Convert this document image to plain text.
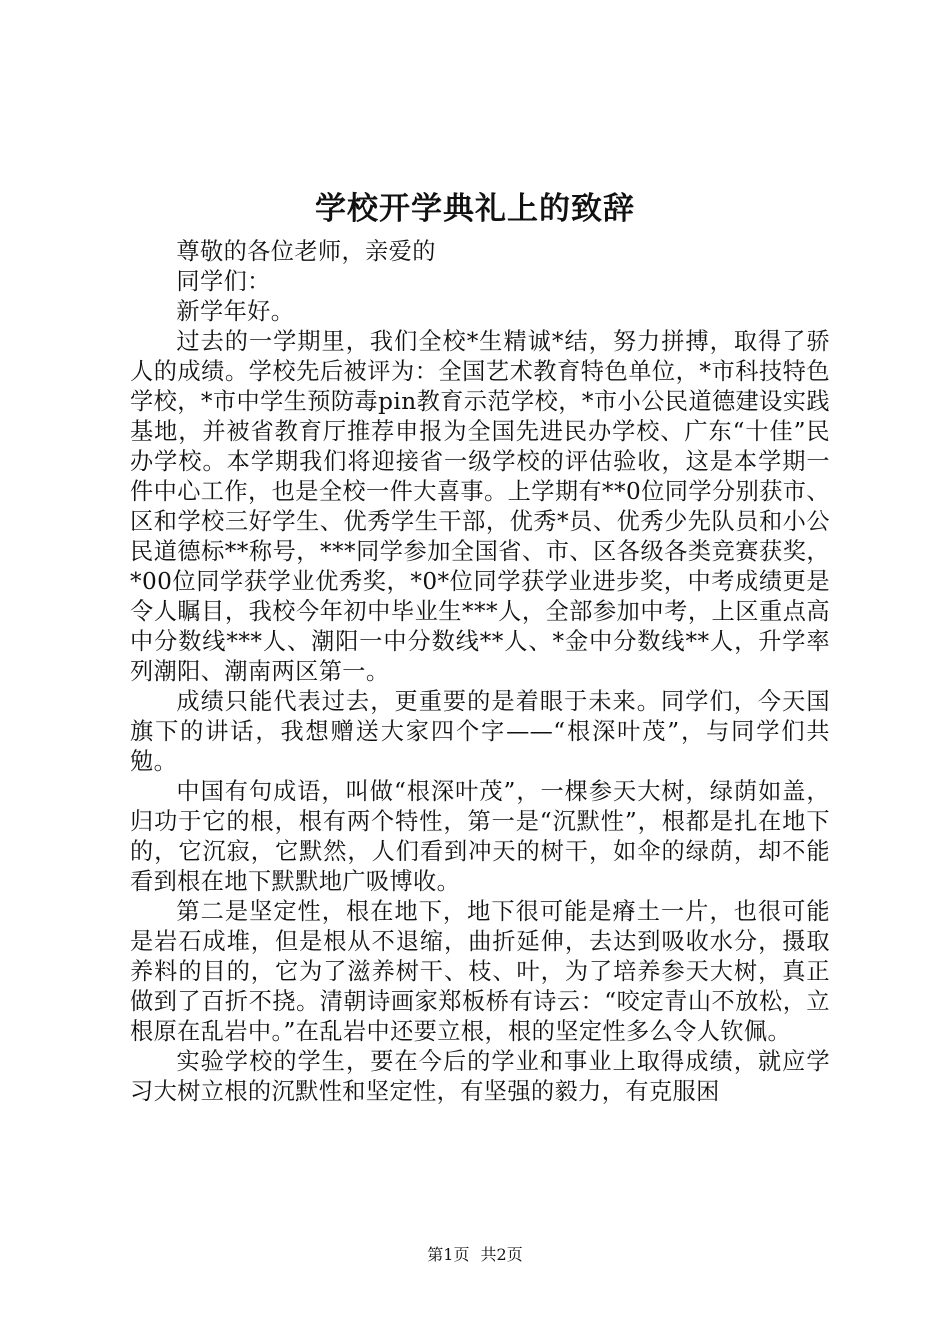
学校开学典礼上的致辞

尊敬的各位老师，亲爱的

同学们：

新学年好。

过去的一学期里，我们全校*生精诚*结，努力拼搏，取得了骄人的成绩。学校先后被评为：全国艺术教育特色单位，*市科技特色学校，*市中学生预防毒pin教育示范学校，*市小公民道德建设实践基地，并被省教育厅推荐申报为全国先进民办学校、广东“十佳”民办学校。本学期我们将迎接省一级学校的评估验收，这是本学期一件中心工作，也是全校一件大喜事。上学期有**0位同学分别获市、区和学校三好学生、优秀学生干部，优秀*员、优秀少先队员和小公民道德标**称号，***同学参加全国省、市、区各级各类竞赛获奖，*00位同学获学业优秀奖，*0*位同学获学业进步奖，中考成绩更是令人瞩目，我校今年初中毕业生***人，全部参加中考，上区重点高中分数线***人、潮阳一中分数线**人、*金中分数线**人，升学率列潮阳、潮南两区第一。

成绩只能代表过去，更重要的是着眼于未来。同学们，今天国旗下的讲话，我想赠送大家四个字——“根深叶茂”，与同学们共勉。

中国有句成语，叫做“根深叶茂”，一棵参天大树，绿荫如盖，归功于它的根，根有两个特性，第一是“沉默性”，根都是扎在地下的，它沉寂，它默然，人们看到冲天的树干，如伞的绿荫，却不能看到根在地下默默地广吸博收。

第二是坚定性，根在地下，地下很可能是瘠土一片，也很可能是岩石成堆，但是根从不退缩，曲折延伸，去达到吸收水分，摄取养料的目的，它为了滋养树干、枝、叶，为了培养参天大树，真正做到了百折不挠。清朝诗画家郑板桥有诗云：“咬定青山不放松，立根原在乱岩中。”在乱岩中还要立根，根的坚定性多么令人钦佩。

实验学校的学生，要在今后的学业和事业上取得成绩，就应学习大树立根的沉默性和坚定性，有坚强的毅力，有克服困

第1页 共2页
